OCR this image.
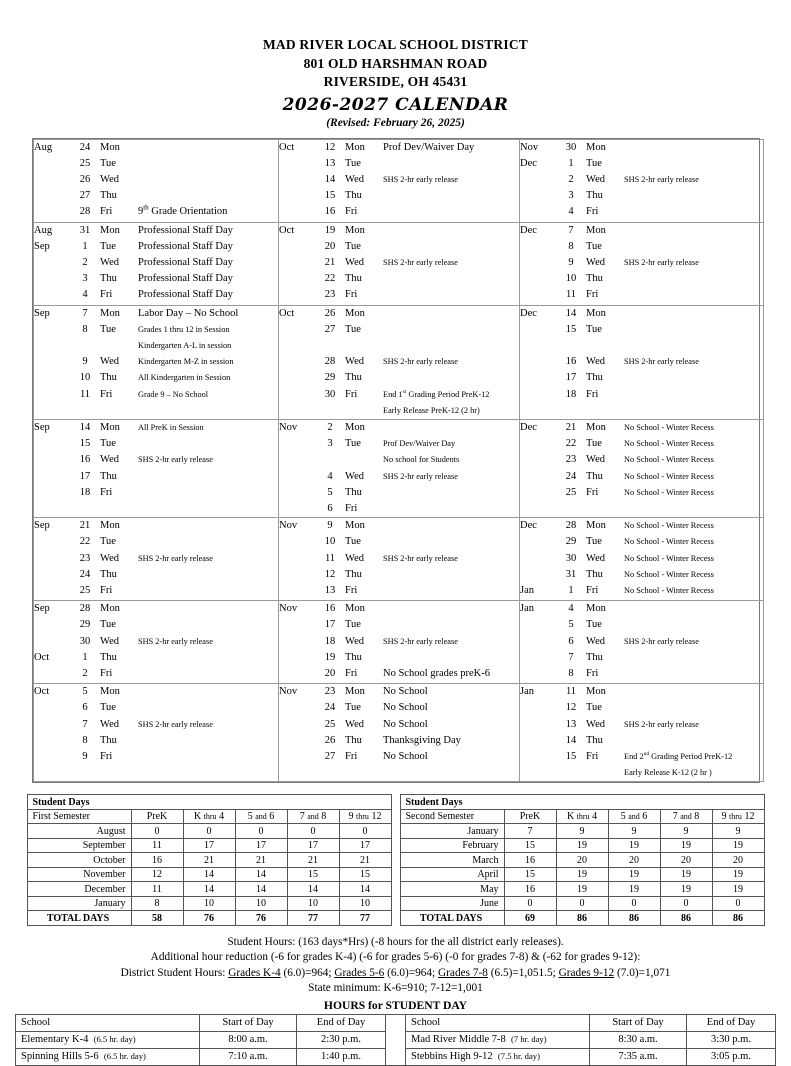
MAD RIVER LOCAL SCHOOL DISTRICT
801 OLD HARSHMAN ROAD
RIVERSIDE, OH 45431
2026-2027 CALENDAR
(Revised: February 26, 2025)
Aug	24	Mon	
	25	Tue	
	26	Wed	
	27	Thu	
	28	Fri	9th Grade Orientation

Oct	12	Mon	Prof Dev/Waiver Day
	13	Tue	
	14	Wed	SHS 2-hr early release
	15	Thu	
	16	Fri	

Nov	30	Mon	
Dec	1	Tue	
	2	Wed	SHS 2-hr early release
	3	Thu	
	4	Fri	

Aug	31	Mon	Professional Staff Day
Sep	1	Tue	Professional Staff Day
	2	Wed	Professional Staff Day
	3	Thu	Professional Staff Day
	4	Fri	Professional Staff Day

Oct	19	Mon	
	20	Tue	
	21	Wed	SHS 2-hr early release
	22	Thu	
	23	Fri	

Dec	7	Mon	
	8	Tue	
	9	Wed	SHS 2-hr early release
	10	Thu	
	11	Fri	

Sep	7	Mon	Labor Day – No School
	8	Tue	Grades 1 thru 12 in Session
			Kindergarten A-L in session
	9	Wed	Kindergarten M-Z in session
	10	Thu	All Kindergarten in Session
	11	Fri	Grade 9 – No School

Oct	26	Mon	
	27	Tue	

	28	Wed	SHS 2-hr early release
	29	Thu	
	30	Fri	End 1st Grading Period PreK-12
			Early Release PreK-12 (2 hr)

Dec	14	Mon	
	15	Tue	

	16	Wed	SHS 2-hr early release
	17	Thu	
	18	Fri	

Sep	14	Mon	All PreK in Session
	15	Tue	
	16	Wed	SHS 2-hr early release
	17	Thu	
	18	Fri	

Nov	2	Mon	
	3	Tue	Prof Dev/Waiver Day
			No school for Students
	4	Wed	SHS 2-hr early release
	5	Thu	
	6	Fri	

Dec	21	Mon	No School - Winter Recess
	22	Tue	No School - Winter Recess
	23	Wed	No School - Winter Recess
	24	Thu	No School - Winter Recess
	25	Fri	No School - Winter Recess

Sep	21	Mon	
	22	Tue	
	23	Wed	SHS 2-hr early release
	24	Thu	
	25	Fri	

Nov	9	Mon	
	10	Tue	
	11	Wed	SHS 2-hr early release
	12	Thu	
	13	Fri	

Dec	28	Mon	No School - Winter Recess
	29	Tue	No School - Winter Recess
	30	Wed	No School - Winter Recess
	31	Thu	No School - Winter Recess
Jan	1	Fri	No School - Winter Recess

Sep	28	Mon	
	29	Tue	
	30	Wed	SHS 2-hr early release
Oct	1	Thu	
	2	Fri	

Nov	16	Mon	
	17	Tue	
	18	Wed	SHS 2-hr early release
	19	Thu	
	20	Fri	No School grades preK-6

Jan	4	Mon	
	5	Tue	
	6	Wed	SHS 2-hr early release
	7	Thu	
	8	Fri	

Oct	5	Mon	
	6	Tue	
	7	Wed	SHS 2-hr early release
	8	Thu	
	9	Fri	

Nov	23	Mon	No School
	24	Tue	No School
	25	Wed	No School
	26	Thu	Thanksgiving Day
	27	Fri	No School

Jan	11	Mon	
	12	Tue	
	13	Wed	SHS 2-hr early release
	14	Thu	
	15	Fri	End 2nd Grading Period PreK-12
			Early Release K-12 (2 hr )
Student Days					
First Semester	PreK	K thru 4	5 and 6	7 and 8	9 thru 12
August	0	0	0	0	0
September	11	17	17	17	17
October	16	21	21	21	21
November	12	14	14	15	15
December	11	14	14	14	14
January	8	10	10	10	10
TOTAL DAYS	58	76	76	77	77
Student Days					
Second Semester	PreK	K thru 4	5 and 6	7 and 8	9 thru 12
January	7	9	9	9	9
February	15	19	19	19	19
March	16	20	20	20	20
April	15	19	19	19	19
May	16	19	19	19	19
June	0	0	0	0	0
TOTAL DAYS	69	86	86	86	86
Student Hours: (163 days*Hrs) (-8 hours for the all district early releases).
Additional hour reduction (-6 for grades K-4) (-6 for grades 5-6) (-0 for grades 7-8) & (-62 for grades 9-12):
District Student Hours: Grades K-4 (6.0)=964; Grades 5-6 (6.0)=964; Grades 7-8 (6.5)=1,051.5; Grades 9-12 (7.0)=1,071
State minimum: K-6=910; 7-12=1,001
HOURS for STUDENT DAY
School	Start of Day	End of Day		School	Start of Day	End of Day
Elementary K-4  (6.5 hr. day)	8:00 a.m.	2:30 p.m.		Mad River Middle 7-8  (7 hr. day)	8:30 a.m.	3:30 p.m.
Spinning Hills 5-6  (6.5 hr. day)	7:10 a.m.	1:40 p.m.		Stebbins High 9-12  (7.5 hr. day)	7:35 a.m.	3:05 p.m.
